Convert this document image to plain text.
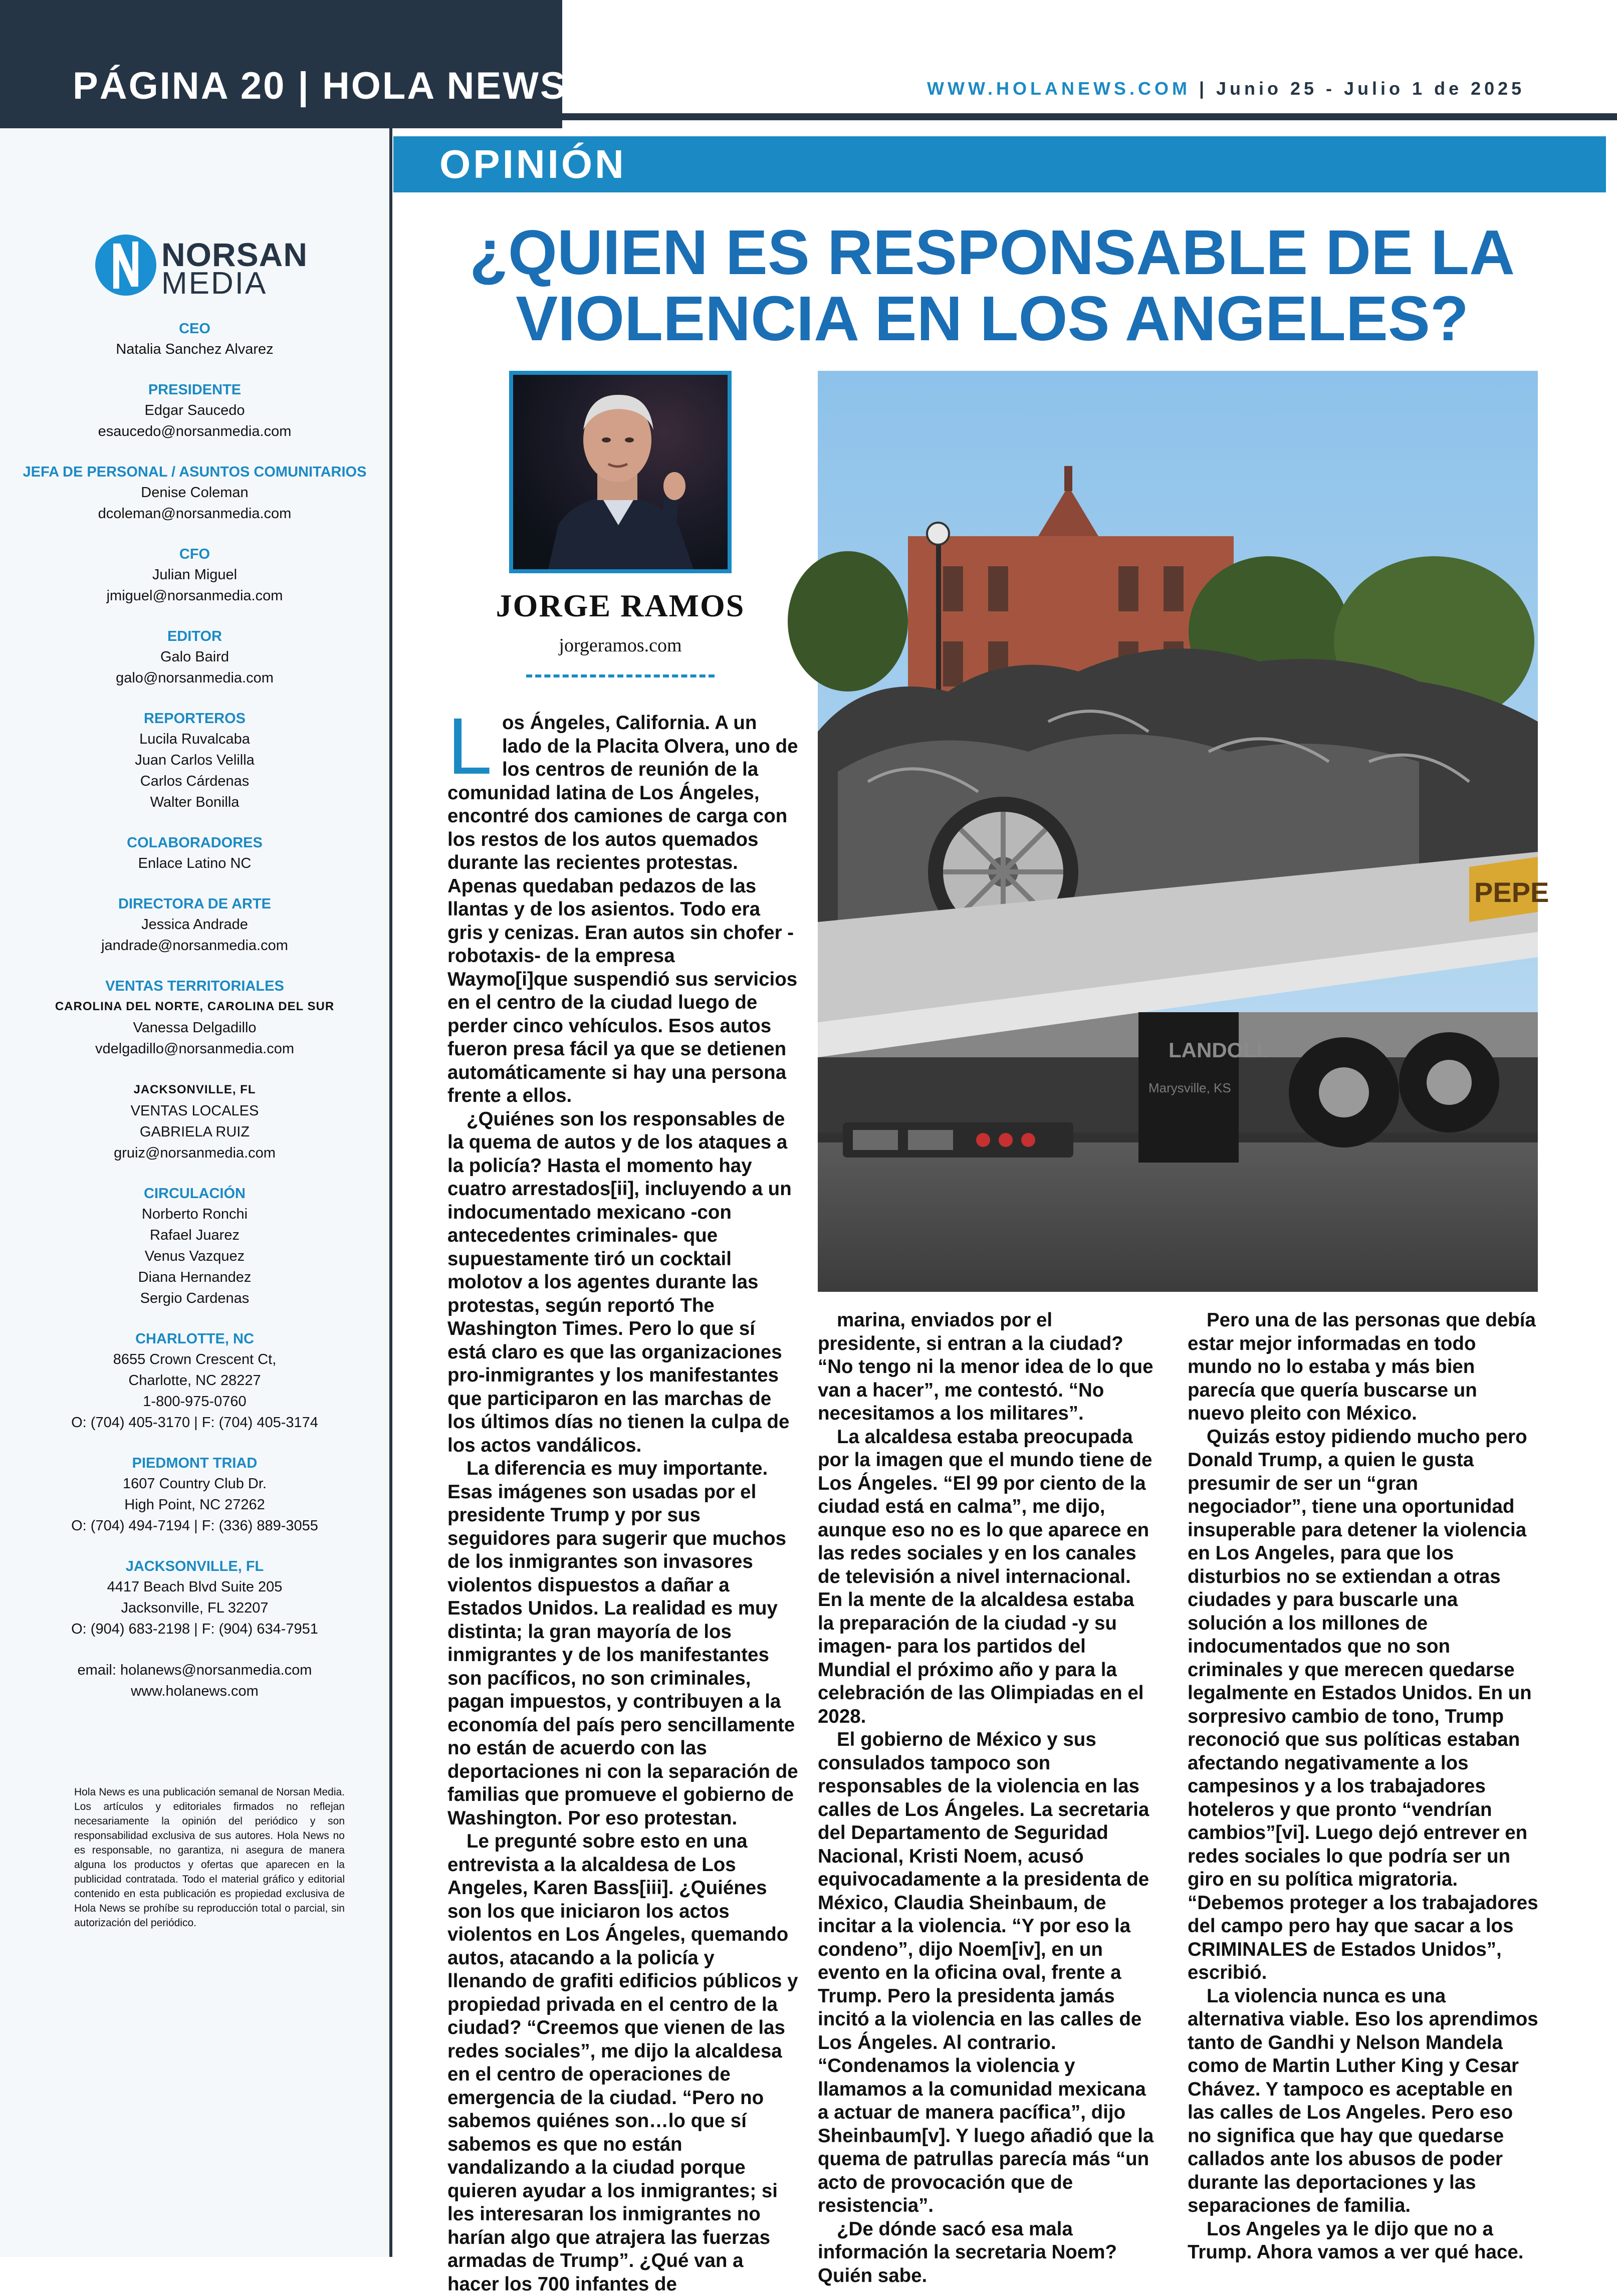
PÁGINA 20 | HOLA NEWS	WWW.HOLANEWS.COM | Junio 25 - Julio 1 de 2025
NORSAN
MEDIA
CEO
Natalia Sanchez Alvarez
PRESIDENTE
Edgar Saucedo
esaucedo@norsanmedia.com
JEFA DE PERSONAL / ASUNTOS COMUNITARIOS
Denise Coleman
dcoleman@norsanmedia.com
CFO
Julian Miguel
jmiguel@norsanmedia.com
EDITOR
Galo Baird
galo@norsanmedia.com
REPORTEROS
Lucila Ruvalcaba
Juan Carlos Velilla
Carlos Cárdenas
Walter Bonilla
COLABORADORES
Enlace Latino NC
DIRECTORA DE ARTE
Jessica Andrade
jandrade@norsanmedia.com
VENTAS TERRITORIALES
CAROLINA DEL NORTE, CAROLINA DEL SUR
Vanessa Delgadillo
vdelgadillo@norsanmedia.com
JACKSONVILLE, FL
VENTAS LOCALES
GABRIELA RUIZ
gruiz@norsanmedia.com
CIRCULACIÓN
Norberto Ronchi
Rafael Juarez
Venus Vazquez
Diana Hernandez
Sergio Cardenas
CHARLOTTE, NC
8655 Crown Crescent Ct,
Charlotte, NC 28227
1-800-975-0760
O: (704) 405-3170 | F: (704) 405-3174
PIEDMONT TRIAD
1607 Country Club Dr.
High Point, NC 27262
O: (704) 494-7194 | F: (336) 889-3055
JACKSONVILLE, FL
4417 Beach Blvd Suite 205
Jacksonville, FL 32207
O: (904) 683-2198 | F: (904) 634-7951
email: holanews@norsanmedia.com
www.holanews.com
Hola News es una publicación semanal de Norsan Media. Los artículos y editoriales firmados no reflejan necesariamente la opinión del periódico y son responsabilidad exclusiva de sus autores. Hola News no es responsable, no garantiza, ni asegura de manera alguna los productos y ofertas que aparecen en la publicidad contratada. Todo el material gráfico y editorial contenido en esta publicación es propiedad exclusiva de Hola News se prohíbe su reproducción total o parcial, sin autorización del periódico.
OPINIÓN
¿QUIEN ES RESPONSABLE DE LA VIOLENCIA EN LOS ANGELES?
JORGE RAMOS
jorgeramos.com
PEPE
LANDOLL
Marysville, KS

Los Ángeles, California. A un lado de la Placita Olvera, uno de los centros de reunión de la comunidad latina de Los Ángeles, encontré dos camiones de carga con los restos de los autos quemados durante las recientes protestas. Apenas quedaban pedazos de las llantas y de los asientos. Todo era gris y cenizas. Eran autos sin chofer -robotaxis- de la empresa Waymo[i]que suspendió sus servicios en el centro de la ciudad luego de perder cinco vehículos. Esos autos fueron presa fácil ya que se detienen automáticamente si hay una persona frente a ellos.

¿Quiénes son los responsables de la quema de autos y de los ataques a la policía? Hasta el momento hay cuatro arrestados[ii], incluyendo a un indocumentado mexicano -con antecedentes criminales- que supuestamente tiró un cocktail molotov a los agentes durante las protestas, según reportó The Washington Times. Pero lo que sí está claro es que las organizaciones pro-inmigrantes y los manifestantes que participaron en las marchas de los últimos días no tienen la culpa de los actos vandálicos.

La diferencia es muy importante. Esas imágenes son usadas por el presidente Trump y por sus seguidores para sugerir que muchos de los inmigrantes son invasores violentos dispuestos a dañar a Estados Unidos. La realidad es muy distinta; la gran mayoría de los inmigrantes y de los manifestantes son pacíficos, no son criminales, pagan impuestos, y contribuyen a la economía del país pero sencillamente no están de acuerdo con las deportaciones ni con la separación de familias que promueve el gobierno de Washington. Por eso protestan.

Le pregunté sobre esto en una entrevista a la alcaldesa de Los Angeles, Karen Bass[iii]. ¿Quiénes son los que iniciaron los actos violentos en Los Ángeles, quemando autos, atacando a la policía y llenando de grafiti edificios públicos y propiedad privada en el centro de la ciudad? “Creemos que vienen de las redes sociales”, me dijo la alcaldesa en el centro de operaciones de emergencia de la ciudad. “Pero no sabemos quiénes son…lo que sí sabemos es que no están vandalizando a la ciudad porque quieren ayudar a los inmigrantes; si les interesaran los inmigrantes no harían algo que atrajera las fuerzas armadas de Trump”. ¿Qué van a hacer los 700 infantes de

marina, enviados por el presidente, si entran a la ciudad? “No tengo ni la menor idea de lo que van a hacer”, me contestó. “No necesitamos a los militares”.

La alcaldesa estaba preocupada por la imagen que el mundo tiene de Los Ángeles. “El 99 por ciento de la ciudad está en calma”, me dijo, aunque eso no es lo que aparece en las redes sociales y en los canales de televisión a nivel internacional. En la mente de la alcaldesa estaba la preparación de la ciudad -y su imagen- para los partidos del Mundial el próximo año y para la celebración de las Olimpiadas en el 2028.

El gobierno de México y sus consulados tampoco son responsables de la violencia en las calles de Los Ángeles. La secretaria del Departamento de Seguridad Nacional, Kristi Noem, acusó equivocadamente a la presidenta de México, Claudia Sheinbaum, de incitar a la violencia. “Y por eso la condeno”, dijo Noem[iv], en un evento en la oficina oval, frente a Trump. Pero la presidenta jamás incitó a la violencia en las calles de Los Ángeles. Al contrario. “Condenamos la violencia y llamamos a la comunidad mexicana a actuar de manera pacífica”, dijo Sheinbaum[v]. Y luego añadió que la quema de patrullas parecía más “un acto de provocación que de resistencia”.

¿De dónde sacó esa mala información la secretaria Noem? Quién sabe.

Pero una de las personas que debía estar mejor informadas en todo mundo no lo estaba y más bien parecía que quería buscarse un nuevo pleito con México.

Quizás estoy pidiendo mucho pero Donald Trump, a quien le gusta presumir de ser un “gran negociador”, tiene una oportunidad insuperable para detener la violencia en Los Angeles, para que los disturbios no se extiendan a otras ciudades y para buscarle una solución a los millones de indocumentados que no son criminales y que merecen quedarse legalmente en Estados Unidos. En un sorpresivo cambio de tono, Trump reconoció que sus políticas estaban afectando negativamente a los campesinos y a los trabajadores hoteleros y que pronto “vendrían cambios”[vi]. Luego dejó entrever en redes sociales lo que podría ser un giro en su política migratoria. “Debemos proteger a los trabajadores del campo pero hay que sacar a los CRIMINALES de Estados Unidos”, escribió.

La violencia nunca es una alternativa viable. Eso los aprendimos tanto de Gandhi y Nelson Mandela como de Martin Luther King y Cesar Chávez. Y tampoco es aceptable en las calles de Los Angeles. Pero eso no significa que hay que quedarse callados ante los abusos de poder durante las deportaciones y las separaciones de familia.

Los Angeles ya le dijo que no a Trump. Ahora vamos a ver qué hace.
